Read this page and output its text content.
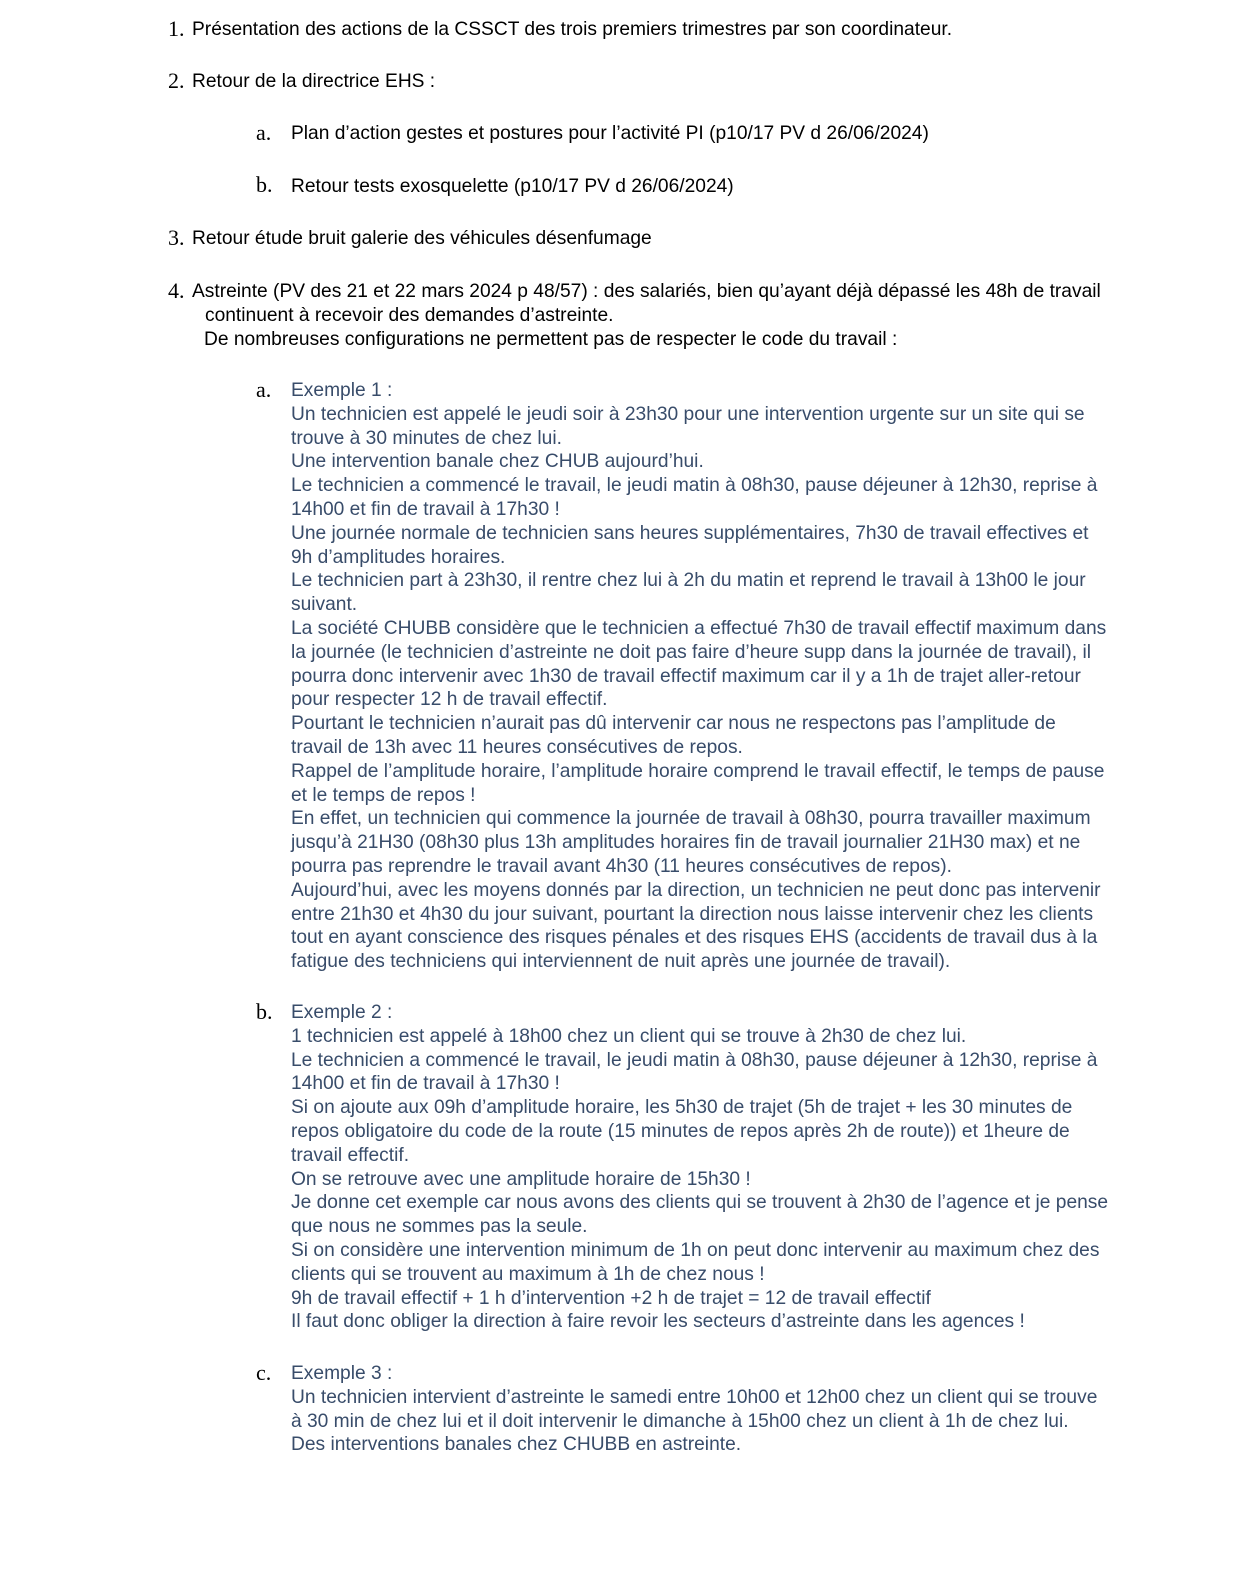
1. Présentation des actions de la CSSCT des trois premiers trimestres par son coordinateur.
2. Retour de la directrice EHS :
a. Plan d’action gestes et postures pour l’activité PI (p10/17 PV d 26/06/2024)
b. Retour tests exosquelette (p10/17 PV d 26/06/2024)
3. Retour étude bruit galerie des véhicules désenfumage
4. Astreinte (PV des 21 et 22 mars 2024 p 48/57) : des salariés, bien qu’ayant déjà dépassé les 48h de travail
continuent à recevoir des demandes d’astreinte.
De nombreuses configurations ne permettent pas de respecter le code du travail :
a. Exemple 1 :
Un technicien est appelé le jeudi soir à 23h30 pour une intervention urgente sur un site qui se
trouve à 30 minutes de chez lui.
Une intervention banale chez CHUB aujourd’hui.
Le technicien a commencé le travail, le jeudi matin à 08h30, pause déjeuner à 12h30, reprise à
14h00 et fin de travail à 17h30 !
Une journée normale de technicien sans heures supplémentaires, 7h30 de travail effectives et
9h d’amplitudes horaires.
Le technicien part à 23h30, il rentre chez lui à 2h du matin et reprend le travail à 13h00 le jour
suivant.
La société CHUBB considère que le technicien a effectué 7h30 de travail effectif maximum dans
la journée (le technicien d’astreinte ne doit pas faire d’heure supp dans la journée de travail), il
pourra donc intervenir avec 1h30 de travail effectif maximum car il y a 1h de trajet aller-retour
pour respecter 12 h de travail effectif.
Pourtant le technicien n’aurait pas dû intervenir car nous ne respectons pas l’amplitude de
travail de 13h avec 11 heures consécutives de repos.
Rappel de l’amplitude horaire, l’amplitude horaire comprend le travail effectif, le temps de pause
et le temps de repos !
En effet, un technicien qui commence la journée de travail à 08h30, pourra travailler maximum
jusqu’à 21H30 (08h30 plus 13h amplitudes horaires fin de travail journalier 21H30 max) et ne
pourra pas reprendre le travail avant 4h30 (11 heures consécutives de repos).
Aujourd’hui, avec les moyens donnés par la direction, un technicien ne peut donc pas intervenir
entre 21h30 et 4h30 du jour suivant, pourtant la direction nous laisse intervenir chez les clients
tout en ayant conscience des risques pénales et des risques EHS (accidents de travail dus à la
fatigue des techniciens qui interviennent de nuit après une journée de travail).
b. Exemple 2 :
1 technicien est appelé à 18h00 chez un client qui se trouve à 2h30 de chez lui.
Le technicien a commencé le travail, le jeudi matin à 08h30, pause déjeuner à 12h30, reprise à
14h00 et fin de travail à 17h30 !
Si on ajoute aux 09h d’amplitude horaire, les 5h30 de trajet (5h de trajet + les 30 minutes de
repos obligatoire du code de la route (15 minutes de repos après 2h de route)) et 1heure de
travail effectif.
On se retrouve avec une amplitude horaire de 15h30 !
Je donne cet exemple car nous avons des clients qui se trouvent à 2h30 de l’agence et je pense
que nous ne sommes pas la seule.
Si on considère une intervention minimum de 1h on peut donc intervenir au maximum chez des
clients qui se trouvent au maximum à 1h de chez nous !
9h de travail effectif + 1 h d’intervention +2 h de trajet = 12 de travail effectif
Il faut donc obliger la direction à faire revoir les secteurs d’astreinte dans les agences !
c. Exemple 3 :
Un technicien intervient d’astreinte le samedi entre 10h00 et 12h00 chez un client qui se trouve
à 30 min de chez lui et il doit intervenir le dimanche à 15h00 chez un client à 1h de chez lui.
Des interventions banales chez CHUBB en astreinte.
